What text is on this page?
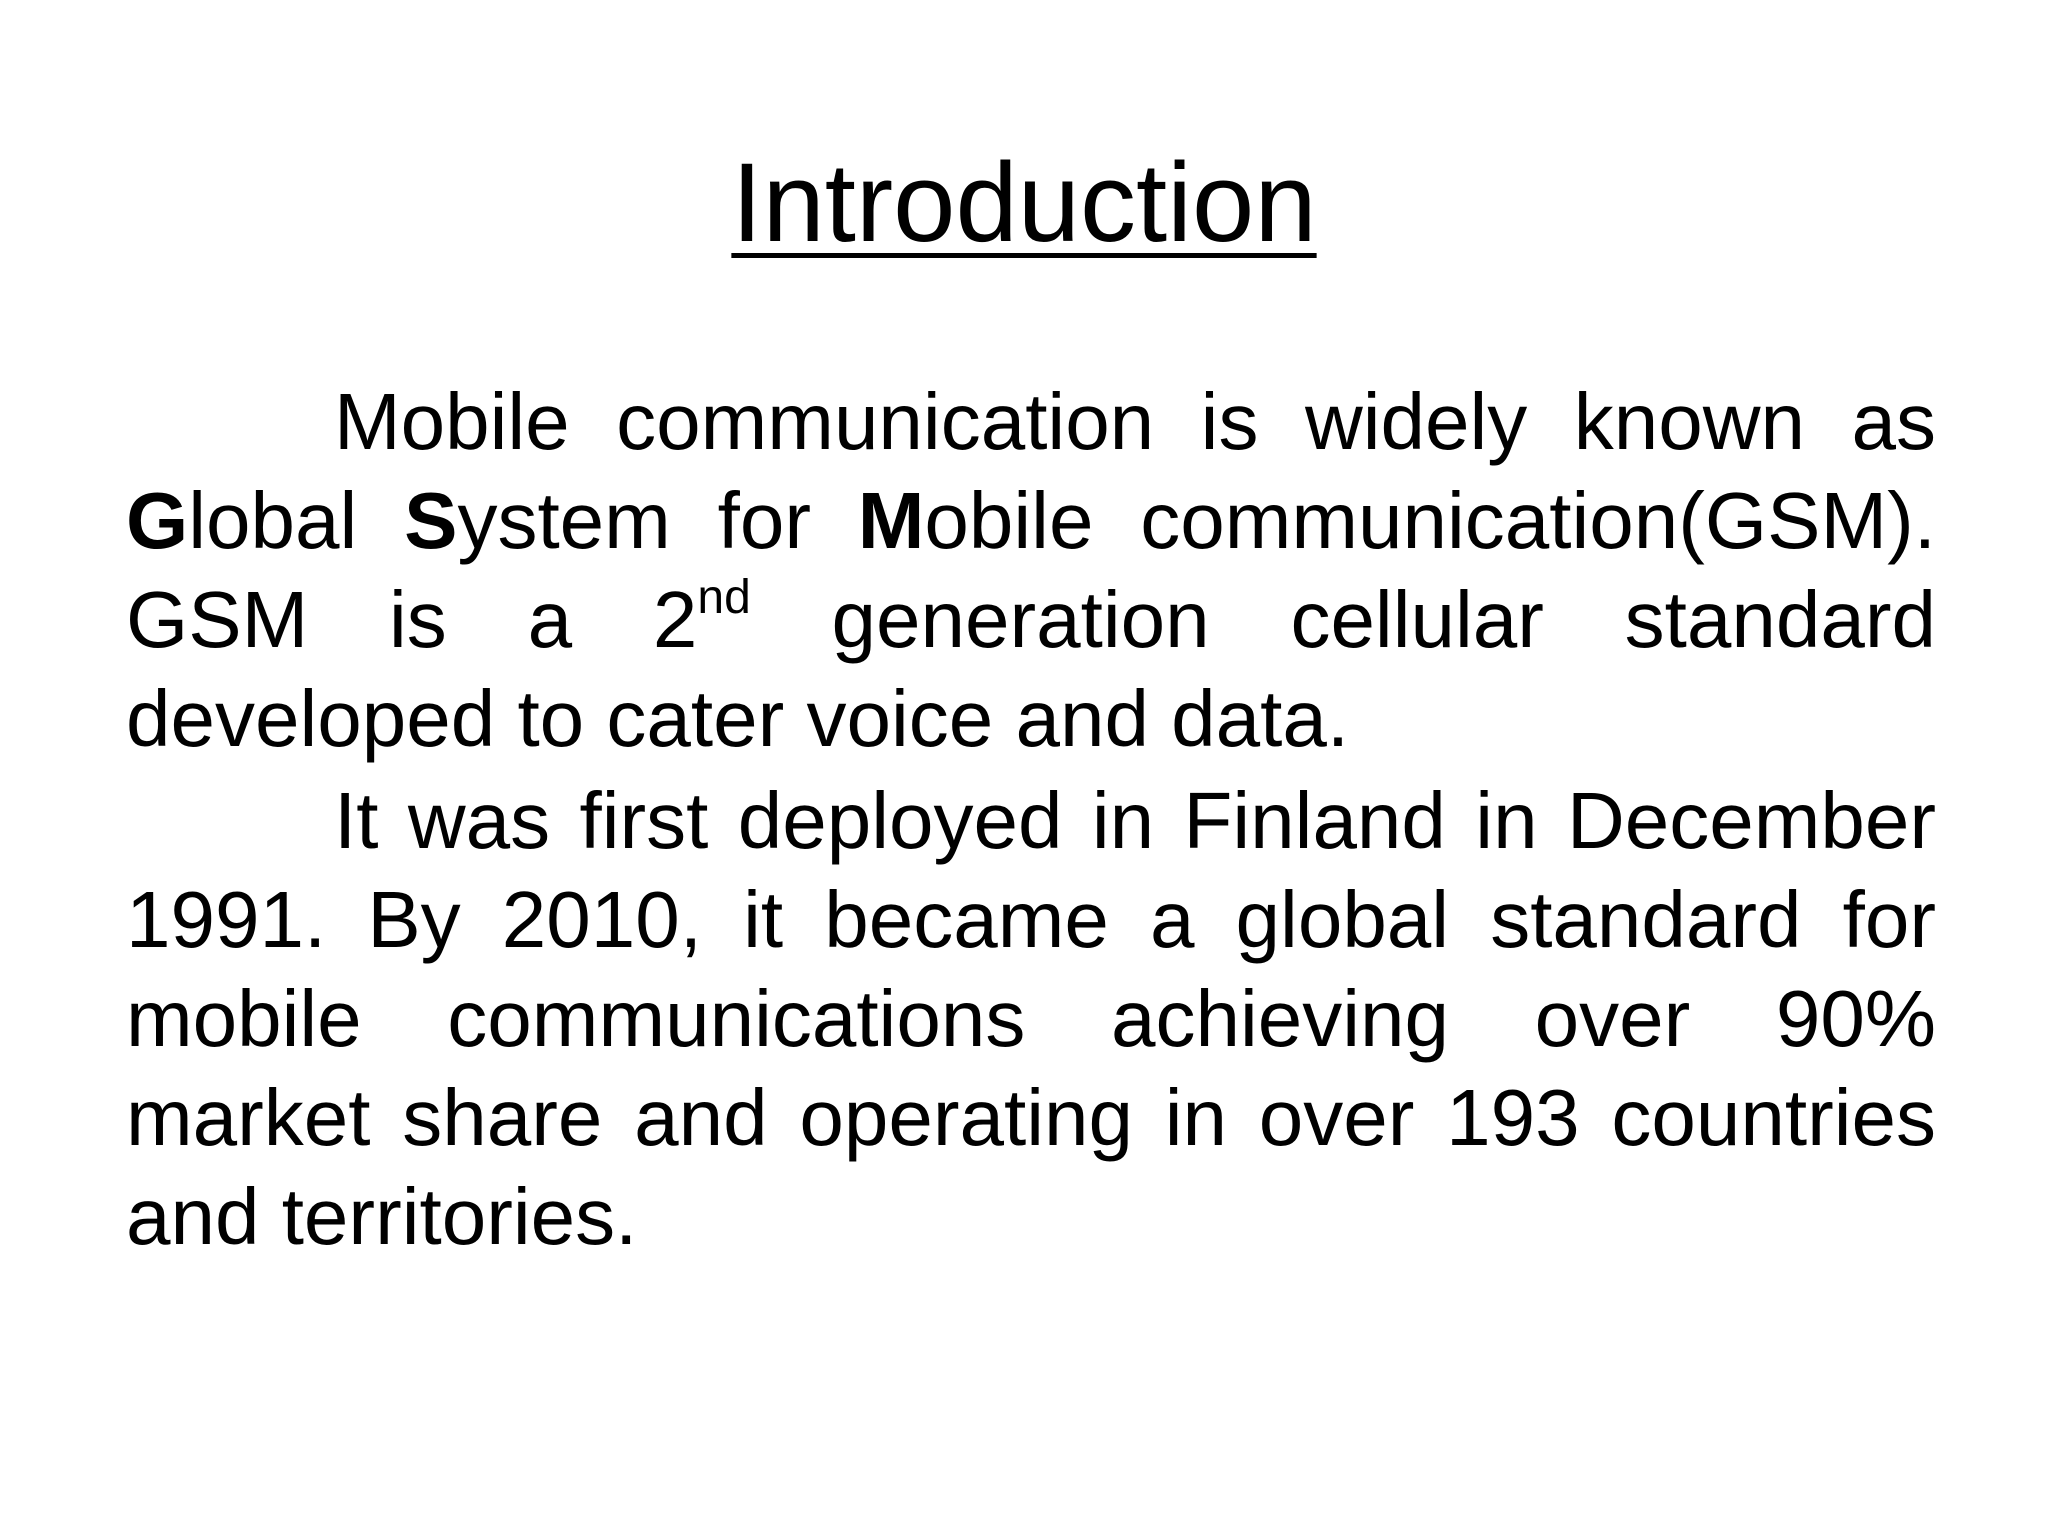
Introduction

Mobile communication is widely known as Global System for Mobile communication(GSM). GSM is a 2nd generation cellular standard developed to cater voice and data.

It was first deployed in Finland in December 1991. By 2010, it became a global standard for mobile communications achieving over 90% market share and operating in over 193 countries and territories.
